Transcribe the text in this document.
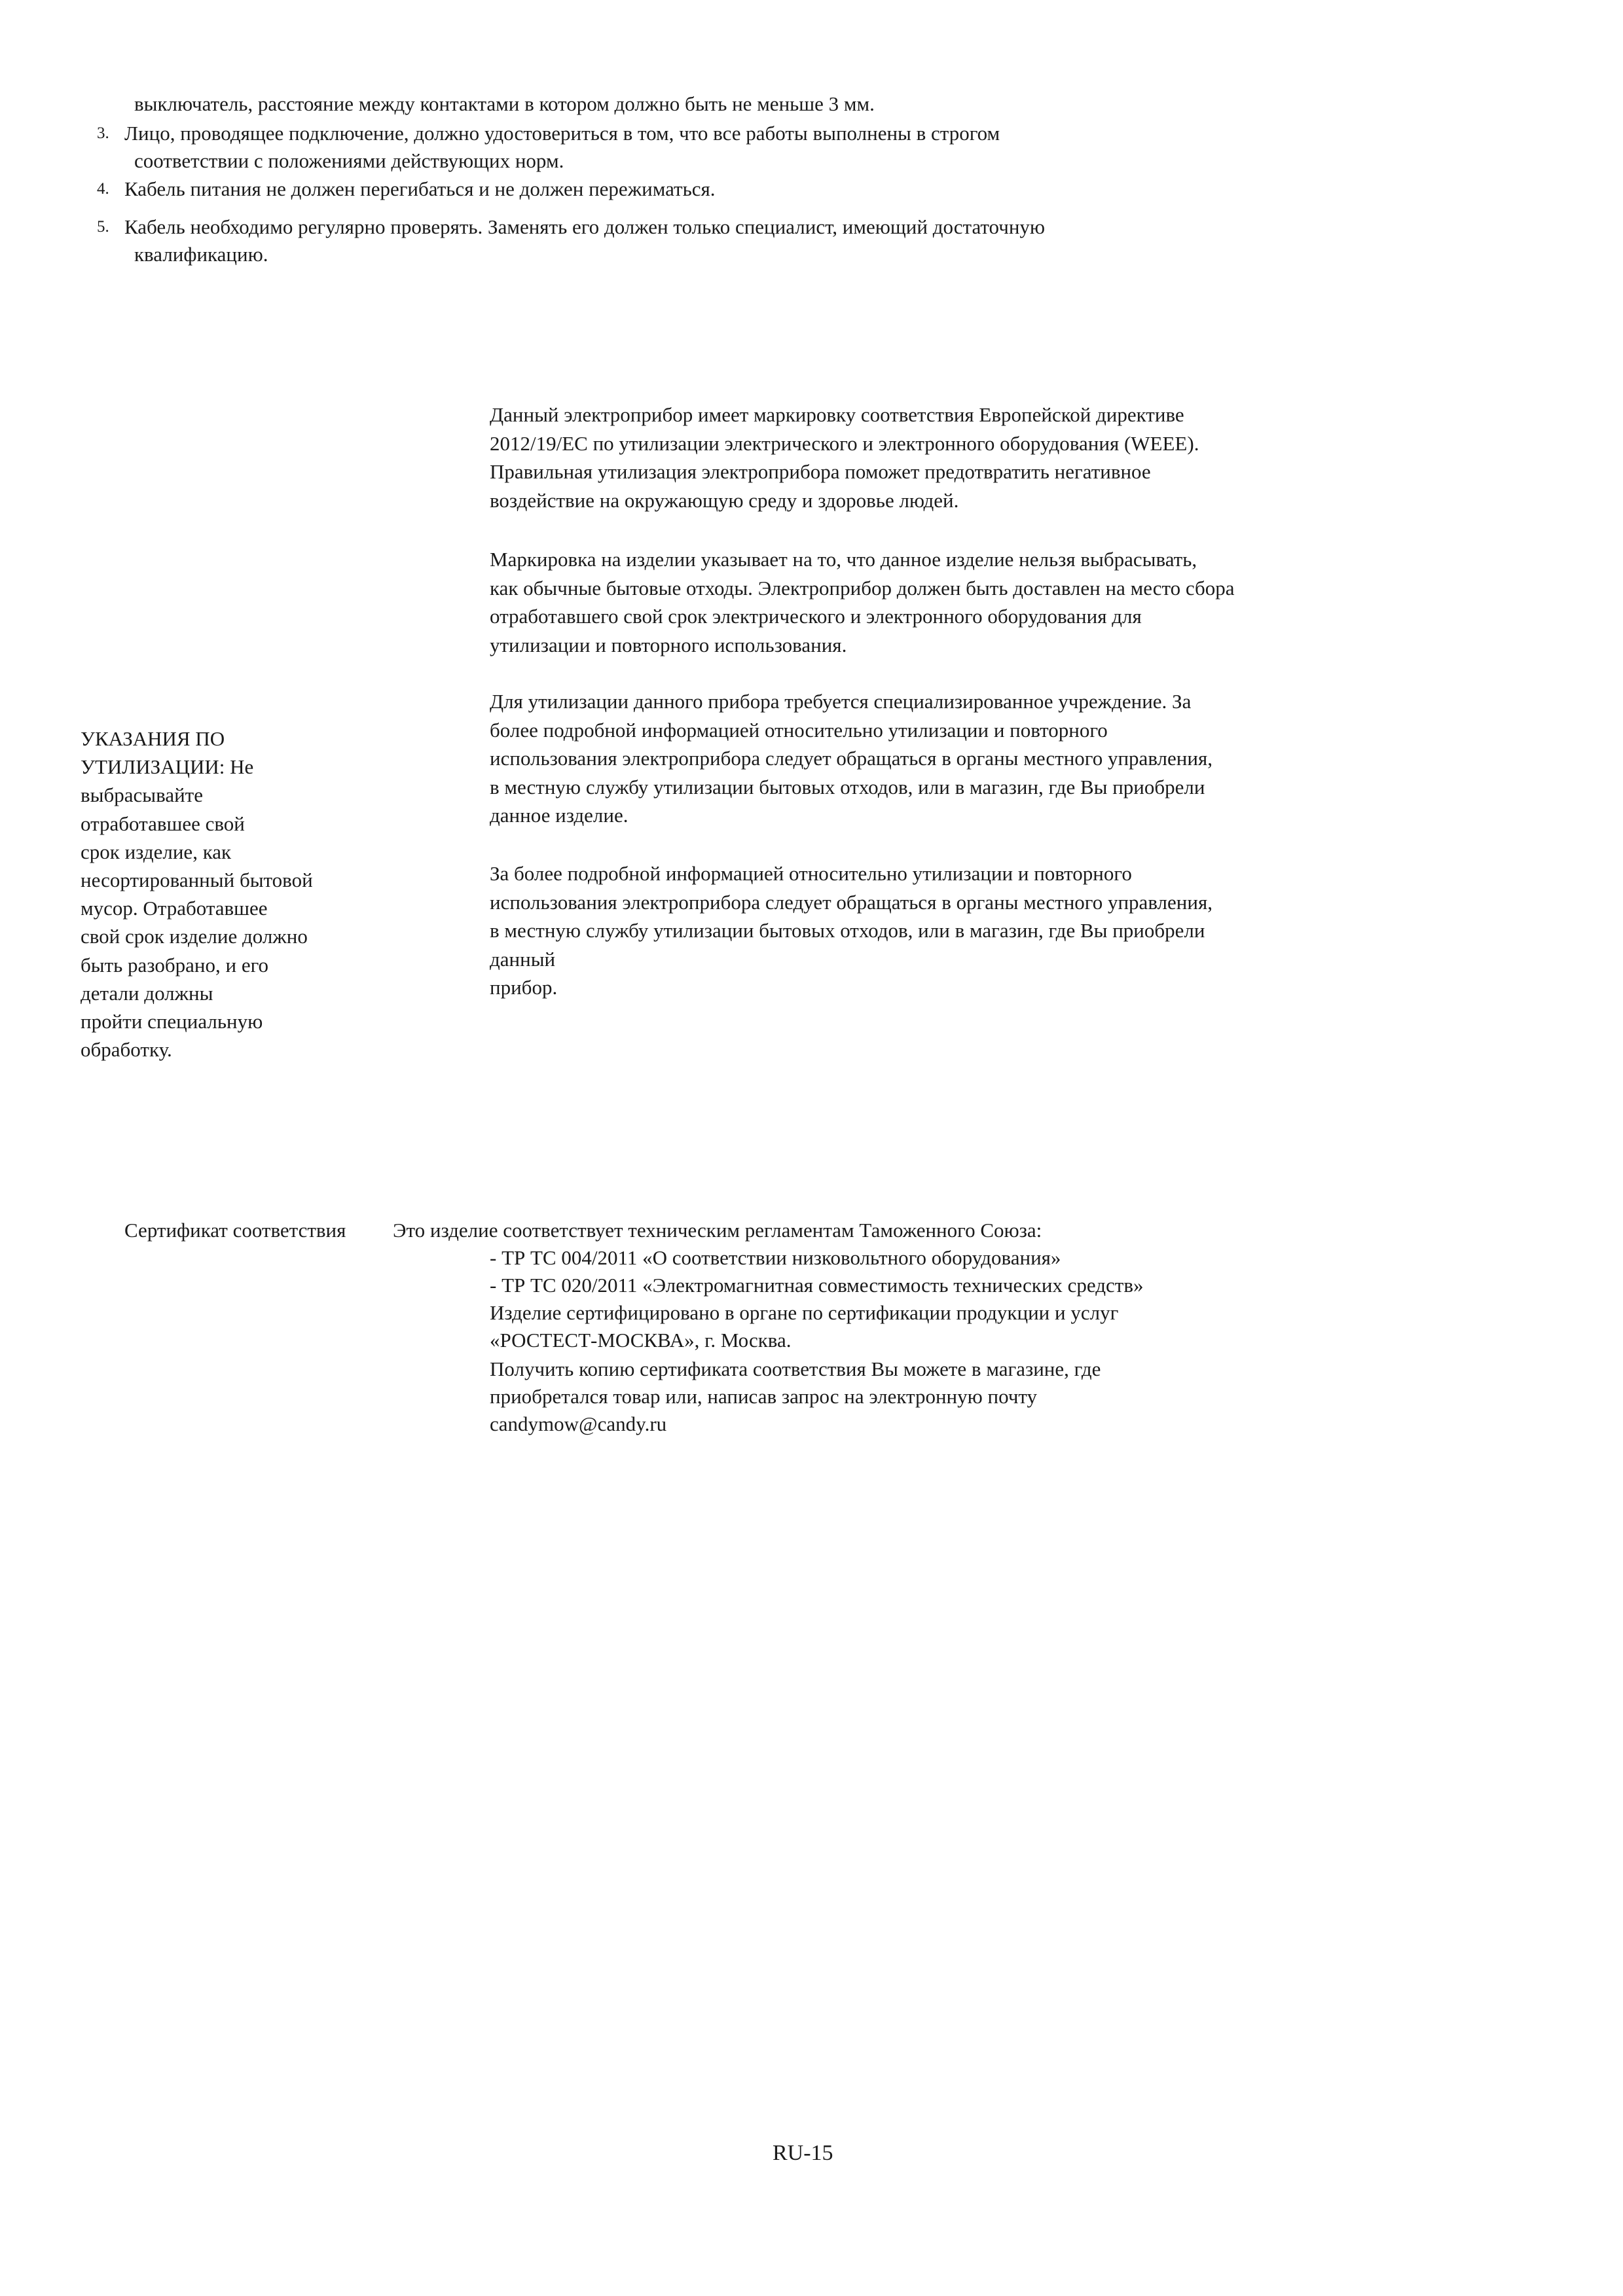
выключатель, расстояние между контактами в котором должно быть не меньше 3 мм.
3. Лицо, проводящее подключение, должно удостовериться в том, что все работы выполнены в строгом
соответствии с положениями действующих норм.
4. Кабель питания не должен перегибаться и не должен пережиматься.
5. Кабель необходимо регулярно проверять. Заменять его должен только специалист, имеющий достаточную
квалификацию.
УКАЗАНИЯ ПО
УТИЛИЗАЦИИ: Не
выбрасывайте
отработавшее свой
срок изделие, как
несортированный бытовой
мусор. Отработавшее
свой срок изделие должно
быть разобрано, и его
детали должны
пройти специальную
обработку.
Данный электроприбор имеет маркировку соответствия Европейской директиве
2012/19/EC по утилизации электрического и электронного оборудования (WEEE).
Правильная утилизация электроприбора поможет предотвратить негативное
воздействие на окружающую среду и здоровье людей.
Маркировка на изделии указывает на то, что данное изделие нельзя выбрасывать,
как обычные бытовые отходы. Электроприбор должен быть доставлен на место сбора
отработавшего свой срок электрического и электронного оборудования для
утилизации и повторного использования.
Для утилизации данного прибора требуется специализированное учреждение. За
более подробной информацией относительно утилизации и повторного
использования электроприбора следует обращаться в органы местного управления,
в местную службу утилизации бытовых отходов, или в магазин, где Вы приобрели
данное изделие.
За более подробной информацией относительно утилизации и повторного
использования электроприбора следует обращаться в органы местного управления,
в местную службу утилизации бытовых отходов, или в магазин, где Вы приобрели
данный
прибор.
Сертификат соответствия Это изделие соответствует техническим регламентам Таможенного Союза:
- ТР ТС 004/2011 «О соответствии низковольтного оборудования»
- ТР ТС 020/2011 «Электромагнитная совместимость технических средств»
Изделие сертифицировано в органе по сертификации продукции и услуг
«РОСТЕСТ-МОСКВА», г. Москва.
Получить копию сертификата соответствия Вы можете в магазине, где
приобретался товар или, написав запрос на электронную почту
candymow@candy.ru
RU-15
